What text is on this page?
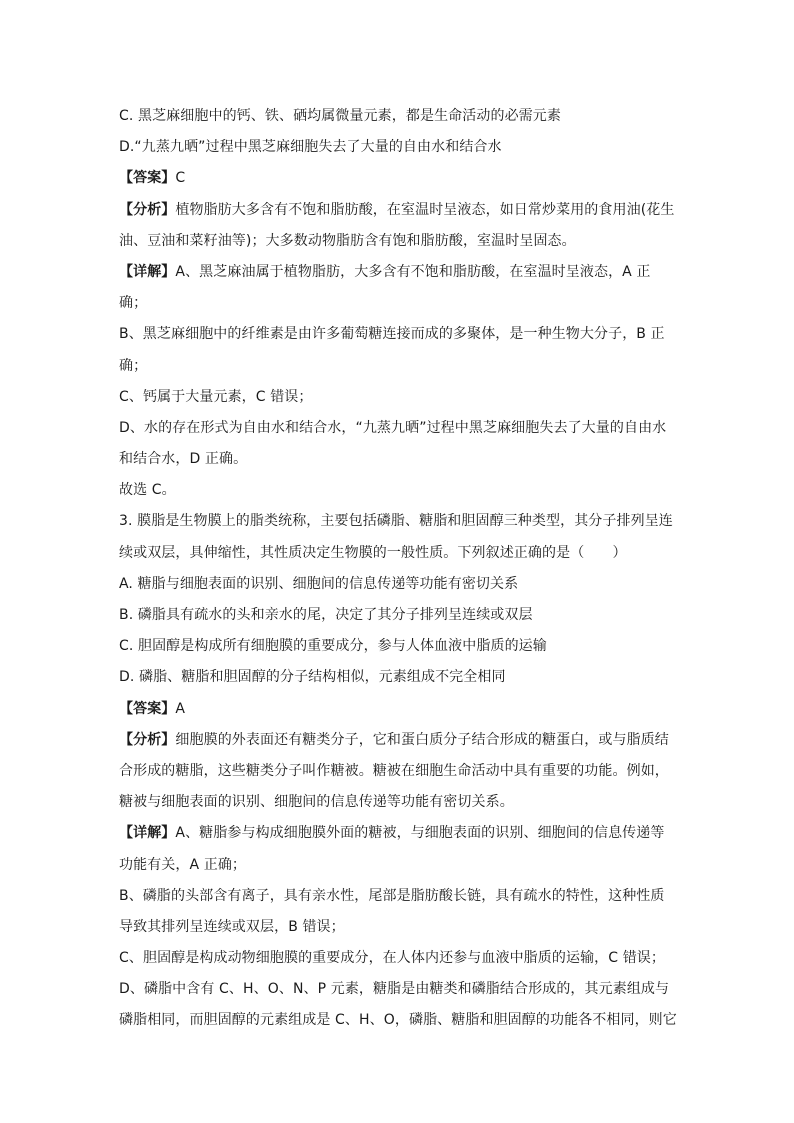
C. 黑芝麻细胞中的钙、铁、硒均属微量元素，都是生命活动的必需元素
D.“九蒸九晒”过程中黑芝麻细胞失去了大量的自由水和结合水
【答案】C
【分析】植物脂肪大多含有不饱和脂肪酸，在室温时呈液态，如日常炒菜用的食用油(花生
油、豆油和菜籽油等)；大多数动物脂肪含有饱和脂肪酸，室温时呈固态。
【详解】A、黑芝麻油属于植物脂肪，大多含有不饱和脂肪酸，在室温时呈液态，A 正
确；
B、黑芝麻细胞中的纤维素是由许多葡萄糖连接而成的多聚体，是一种生物大分子，B 正
确；
C、钙属于大量元素，C 错误；
D、水的存在形式为自由水和结合水，“九蒸九晒”过程中黑芝麻细胞失去了大量的自由水
和结合水，D 正确。
故选 C。
3. 膜脂是生物膜上的脂类统称，主要包括磷脂、糖脂和胆固醇三种类型，其分子排列呈连
续或双层，具伸缩性，其性质决定生物膜的一般性质。下列叙述正确的是（　　）
A. 糖脂与细胞表面的识别、细胞间的信息传递等功能有密切关系
B. 磷脂具有疏水的头和亲水的尾，决定了其分子排列呈连续或双层
C. 胆固醇是构成所有细胞膜的重要成分，参与人体血液中脂质的运输
D. 磷脂、糖脂和胆固醇的分子结构相似，元素组成不完全相同
【答案】A
【分析】细胞膜的外表面还有糖类分子，它和蛋白质分子结合形成的糖蛋白，或与脂质结
合形成的糖脂，这些糖类分子叫作糖被。糖被在细胞生命活动中具有重要的功能。例如，
糖被与细胞表面的识别、细胞间的信息传递等功能有密切关系。
【详解】A、糖脂参与构成细胞膜外面的糖被，与细胞表面的识别、细胞间的信息传递等
功能有关，A 正确；
B、磷脂的头部含有离子，具有亲水性，尾部是脂肪酸长链，具有疏水的特性，这种性质
导致其排列呈连续或双层，B 错误；
C、胆固醇是构成动物细胞膜的重要成分，在人体内还参与血液中脂质的运输，C 错误；
D、磷脂中含有 C、H、O、N、P 元素，糖脂是由糖类和磷脂结合形成的，其元素组成与
磷脂相同，而胆固醇的元素组成是 C、H、O，磷脂、糖脂和胆固醇的功能各不相同，则它
